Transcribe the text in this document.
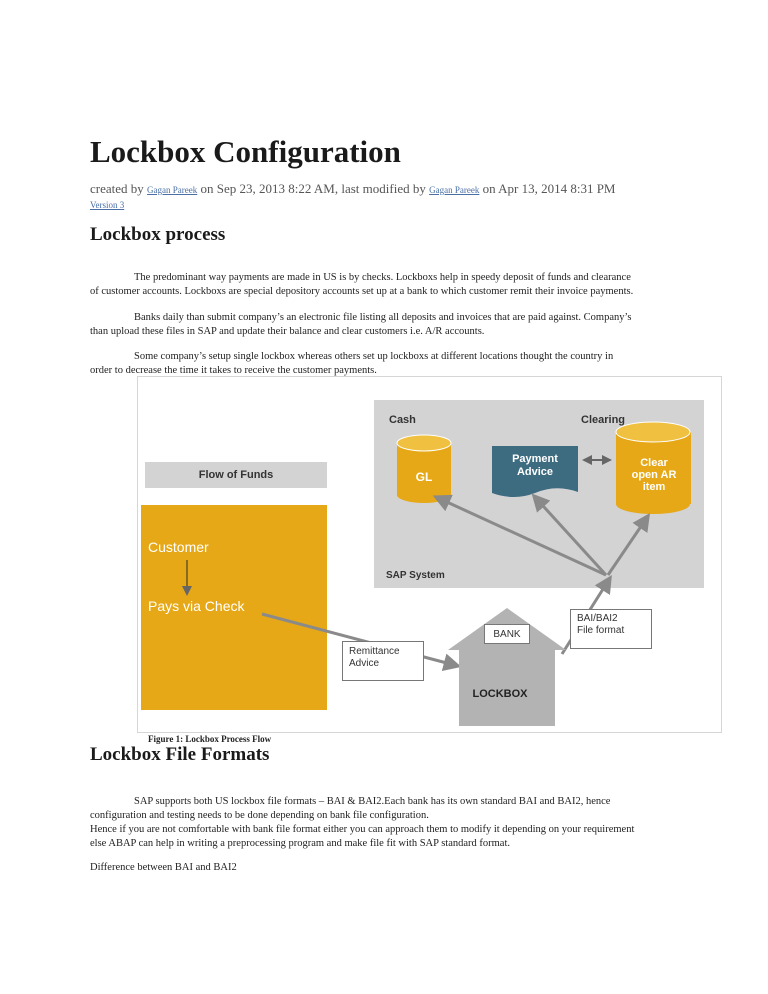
Lockbox Configuration
created by Gagan Pareek on Sep 23, 2013 8:22 AM, last modified by Gagan Pareek on Apr 13, 2014 8:31 PM
Version 3
Lockbox process
The predominant way payments are made in US is by checks. Lockboxs help in speedy deposit of funds and clearance
of customer accounts. Lockboxs are special depository accounts set up at a bank to which customer remit their invoice payments.
Banks daily than submit company’s an electronic file listing all deposits and invoices that are paid against. Company’s
than upload these files in SAP and update their balance and clear customers i.e. A/R accounts.
Some company’s setup single lockbox whereas others set up lockboxs at different locations thought the country in
order to decrease the time it takes to receive the customer payments.
Flow of Funds
Cash	Clearing
GL
Payment
Advice
Clear
open AR
item
SAP System
Customer
Pays via Check
Remittance
Advice
BAI/BAI2
File format
BANK
LOCKBOX
Figure 1: Lockbox Process Flow
Lockbox File Formats
SAP supports both US lockbox file formats – BAI & BAI2.Each bank has its own standard BAI and BAI2, hence
configuration and testing needs to be done depending on bank file configuration.
Hence if you are not comfortable with bank file format either you can approach them to modify it depending on your requirement
else ABAP can help in writing a preprocessing program and make file fit with SAP standard format.
Difference between BAI and BAI2
